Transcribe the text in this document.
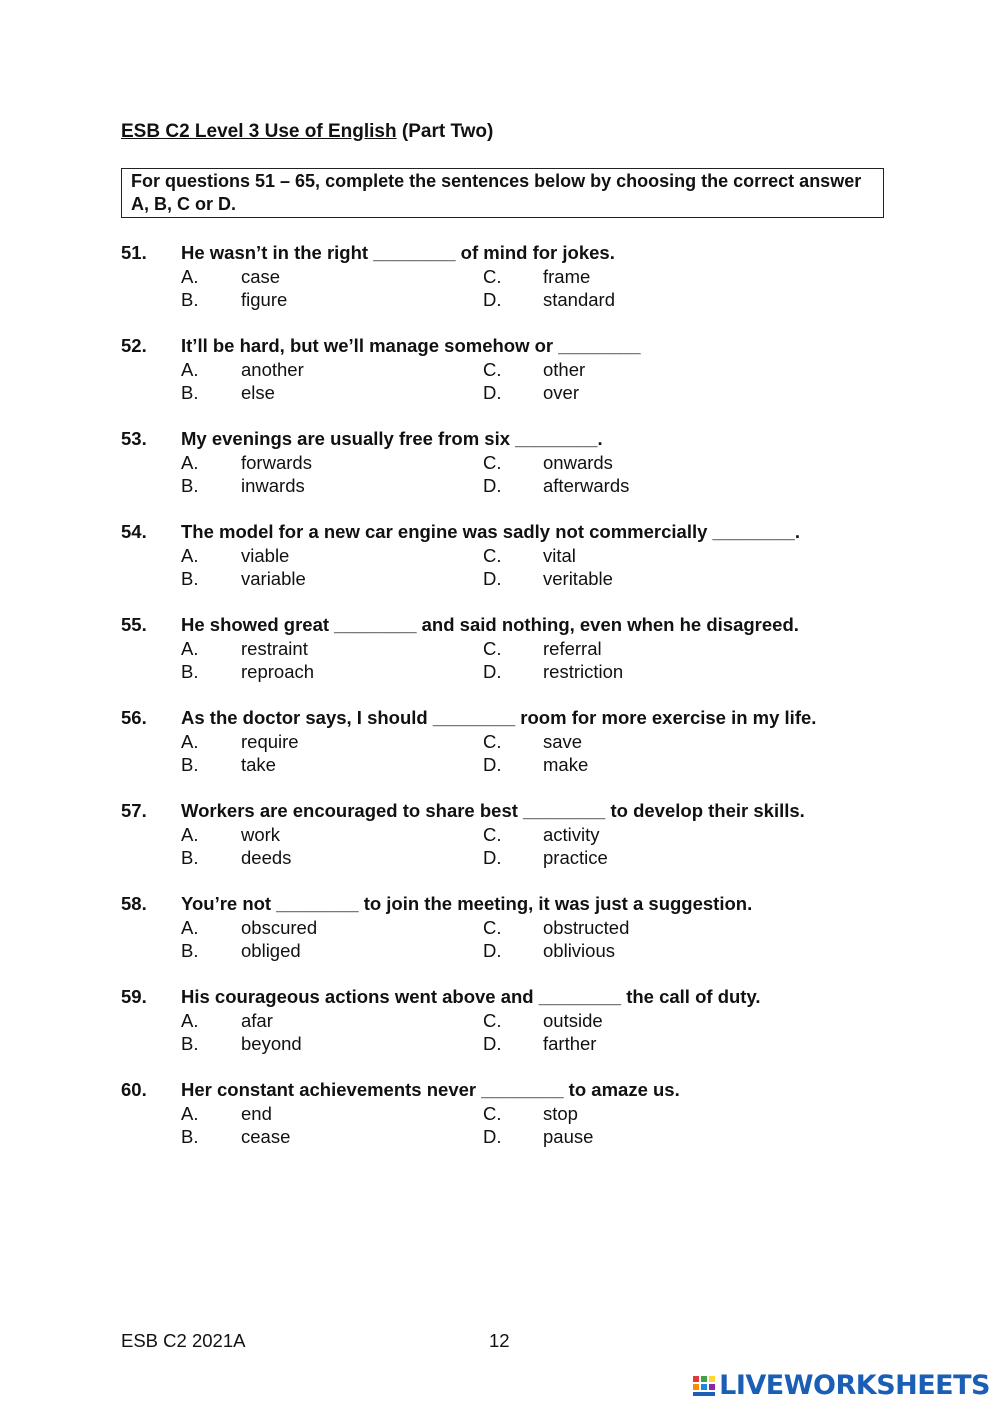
ESB C2 Level 3 Use of English (Part Two)
For questions 51 – 65, complete the sentences below by choosing the correct answer A, B, C or D.
51.	He wasn’t in the right ________ of mind for jokes.
A.	case	C.	frame
B.	figure	D.	standard
52.	It’ll be hard, but we’ll manage somehow or ________
A.	another	C.	other
B.	else	D.	over
53.	My evenings are usually free from six ________.
A.	forwards	C.	onwards
B.	inwards	D.	afterwards
54.	The model for a new car engine was sadly not commercially ________.
A.	viable	C.	vital
B.	variable	D.	veritable
55.	He showed great ________ and said nothing, even when he disagreed.
A.	restraint	C.	referral
B.	reproach	D.	restriction
56.	As the doctor says, I should ________ room for more exercise in my life.
A.	require	C.	save
B.	take	D.	make
57.	Workers are encouraged to share best ________ to develop their skills.
A.	work	C.	activity
B.	deeds	D.	practice
58.	You’re not ________ to join the meeting, it was just a suggestion.
A.	obscured	C.	obstructed
B.	obliged	D.	oblivious
59.	His courageous actions went above and ________ the call of duty.
A.	afar	C.	outside
B.	beyond	D.	farther
60.	Her constant achievements never ________ to amaze us.
A.	end	C.	stop
B.	cease	D.	pause
ESB C2 2021A	12
LIVEWORKSHEETS
